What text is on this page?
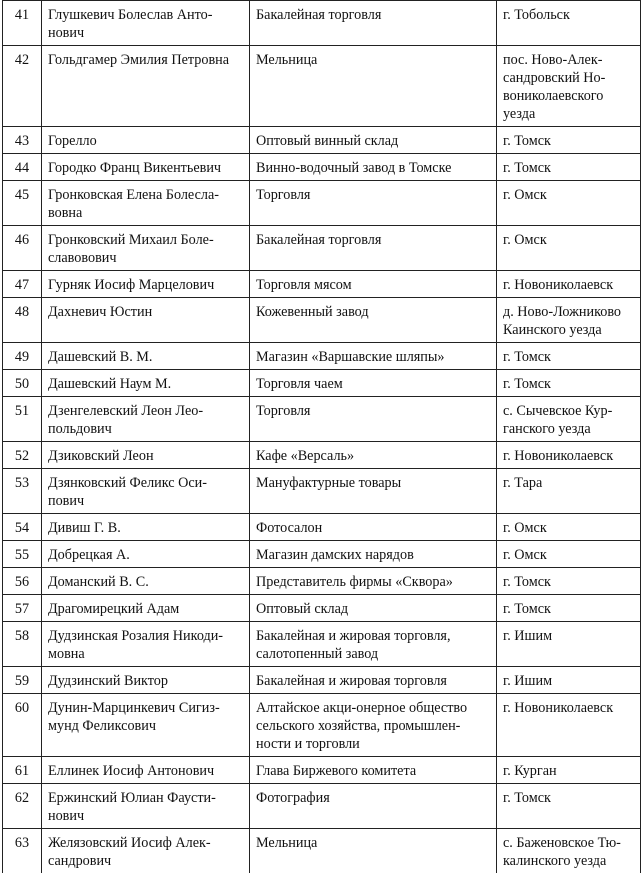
41	Глушкевич Болеслав Анто-
нович	Бакалейная торговля	г. Тобольск
42	Гольдгамер Эмилия Петровна	Мельница	пос. Ново-Алек-
сандровский Но-
вониколаевского
уезда
43	Горелло	Оптовый винный склад	г. Томск
44	Городко Франц Викентьевич	Винно-водочный завод в Томске	г. Томск
45	Гронковская Елена Болесла-
вовна	Торговля	г. Омск
46	Гронковский Михаил Боле-
славовович	Бакалейная торговля	г. Омск
47	Гурняк Иосиф Марцелович	Торговля мясом	г. Новониколаевск
48	Дахневич Юстин	Кожевенный завод	д. Ново-Ложниково
Каинского уезда
49	Дашевский В. М.	Магазин «Варшавские шляпы»	г. Томск
50	Дашевский Наум М.	Торговля чаем	г. Томск
51	Дзенгелевский Леон Лео-
польдович	Торговля	с. Сычевское Кур-
ганского уезда
52	Дзиковский Леон	Кафе «Версаль»	г. Новониколаевск
53	Дзянковский Феликс Оси-
пович	Мануфактурные товары	г. Тара
54	Дивиш Г. В.	Фотосалон	г. Омск
55	Добрецкая А.	Магазин дамских нарядов	г. Омск
56	Доманский В. С.	Представитель фирмы «Сквора»	г. Томск
57	Драгомирецкий Адам	Оптовый склад	г. Томск
58	Дудзинская Розалия Никоди-
мовна	Бакалейная и жировая торговля,
салотопенный завод	г. Ишим
59	Дудзинский Виктор	Бакалейная и жировая торговля	г. Ишим
60	Дунин-Марцинкевич Сигиз-
мунд Феликсович	Алтайское акци-онерное общество
сельского хозяйства, промышлен-
ности и торговли	г. Новониколаевск
61	Еллинек Иосиф Антонович	Глава Биржевого комитета	г. Курган
62	Ержинский Юлиан Фаусти-
нович	Фотография	г. Томск
63	Желязовский Иосиф Алек-
сандрович	Мельница	с. Баженовское Тю-
калинского уезда
